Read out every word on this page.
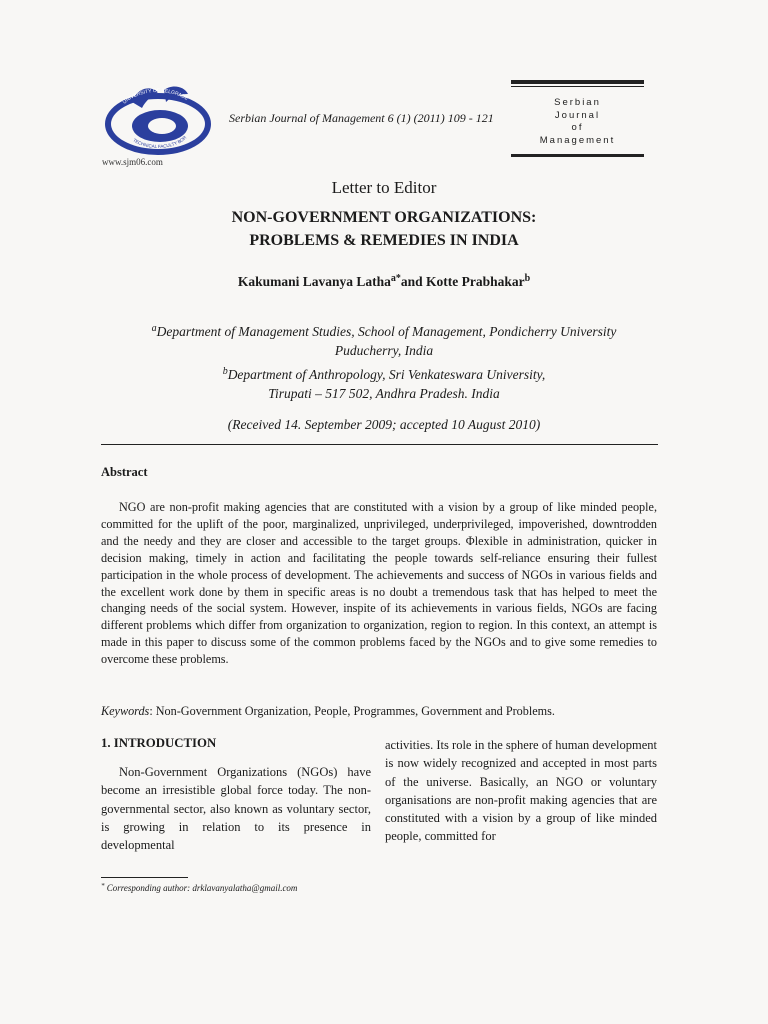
UNIVERSITY OF BELGRADE
TECHNICAL FACULTY BOR
www.sjm06.com
Serbian Journal of Management 6 (1) (2011) 109 - 121
Serbian
Journal
of
Management
Letter to Editor
NON-GOVERNMENT ORGANIZATIONS:
PROBLEMS & REMEDIES IN INDIA
Kakumani Lavanya Latha$^{a*}$and Kotte Prabhakar$^b$
$^a$Department of Management Studies, School of Management, Pondicherry University
Puducherry, India
$^b$Department of Anthropology, Sri Venkateswara University,
Tirupati – 517 502, Andhra Pradesh. India
(Received 14. September 2009; accepted 10 August 2010)
Abstract

NGO are non-profit making agencies that are constituted with a vision by a group of like minded people, committed for the uplift of the poor, marginalized, unprivileged, underprivileged, impoverished, downtrodden and the needy and they are closer and accessible to the target groups. Φlexible in administration, quicker in decision making, timely in action and facilitating the people towards self-reliance ensuring their fullest participation in the whole process of development. The achievements and success of NGOs in various fields and the excellent work done by them in specific areas is no doubt a tremendous task that has helped to meet the changing needs of the social system. However, inspite of its achievements in various fields, NGOs are facing different problems which differ from organization to organization, region to region. In this context, an attempt is made in this paper to discuss some of the common problems faced by the NGOs and to give some remedies to overcome these problems.

Keywords: Non-Government Organization, People, Programmes, Government and Problems.
1. INTRODUCTION

Non-Government Organizations (NGOs) have become an irresistible global force today. The non-governmental sector, also known as voluntary sector, is growing in relation to its presence in developmental

activities. Its role in the sphere of human development is now widely recognized and accepted in most parts of the universe. Basically, an NGO or voluntary organisations are non-profit making agencies that are constituted with a vision by a group of like minded people, committed for

* Corresponding author: drklavanyalatha@gmail.com
